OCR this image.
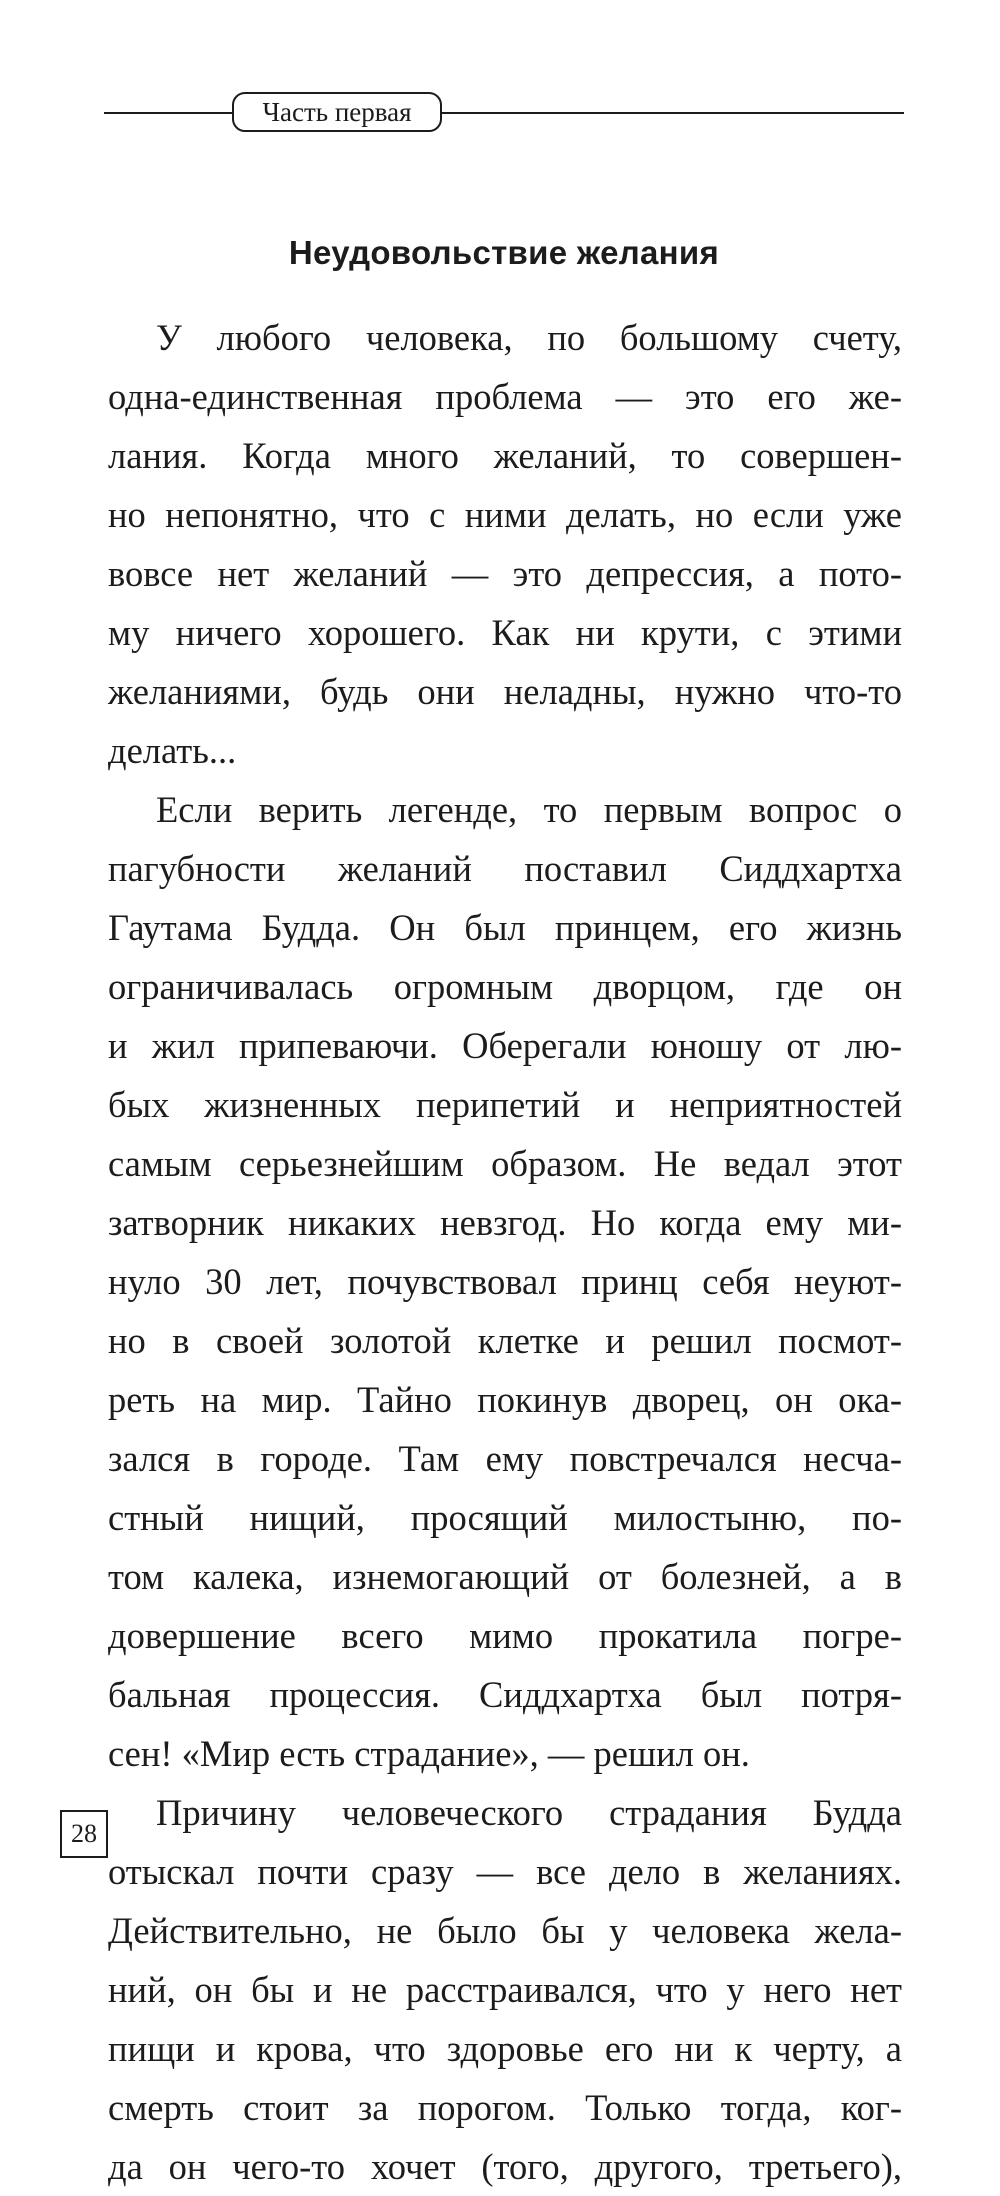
Часть первая
Неудовольствие желания
У любого человека, по большому счету,
одна-единственная проблема — это его же-
лания. Когда много желаний, то совершен-
но непонятно, что с ними делать, но если уже
вовсе нет желаний — это депрессия, а пото-
му ничего хорошего. Как ни крути, с этими
желаниями, будь они неладны, нужно что-то
делать...
Если верить легенде, то первым вопрос о
пагубности желаний поставил Сиддхартха
Гаутама Будда. Он был принцем, его жизнь
ограничивалась огромным дворцом, где он
и жил припеваючи. Оберегали юношу от лю-
бых жизненных перипетий и неприятностей
самым серьезнейшим образом. Не ведал этот
затворник никаких невзгод. Но когда ему ми-
нуло 30 лет, почувствовал принц себя неуют-
но в своей золотой клетке и решил посмот-
реть на мир. Тайно покинув дворец, он ока-
зался в городе. Там ему повстречался несча-
стный нищий, просящий милостыню, по-
том калека, изнемогающий от болезней, а в
довершение всего мимо прокатила погре-
бальная процессия. Сиддхартха был потря-
сен! «Мир есть страдание», — решил он.
Причину человеческого страдания Будда
отыскал почти сразу — все дело в желаниях.
Действительно, не было бы у человека жела-
ний, он бы и не расстраивался, что у него нет
пищи и крова, что здоровье его ни к черту, а
смерть стоит за порогом. Только тогда, ког-
да он чего-то хочет (того, другого, третьего),
28
